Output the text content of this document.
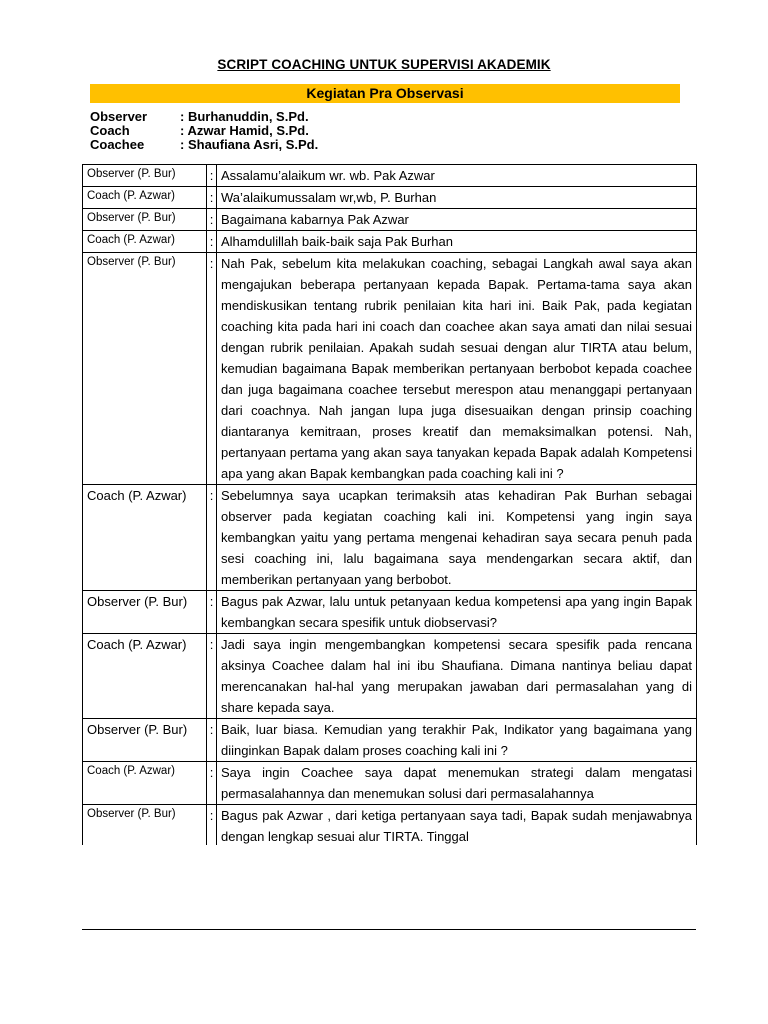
SCRIPT COACHING UNTUK SUPERVISI AKADEMIK
Kegiatan Pra Observasi
Observer	: Burhanuddin, S.Pd.
Coach	: Azwar Hamid, S.Pd.
Coachee	: Shaufiana Asri, S.Pd.
Observer (P. Bur)	:	Assalamu’alaikum wr. wb. Pak Azwar
Coach (P. Azwar)	:	Wa’alaikumussalam wr,wb, P. Burhan
Observer (P. Bur)	:	Bagaimana kabarnya Pak Azwar
Coach (P. Azwar)	:	Alhamdulillah baik-baik saja Pak Burhan
Observer (P. Bur)	:	Nah Pak, sebelum kita melakukan coaching, sebagai Langkah awal saya akan mengajukan beberapa pertanyaan kepada Bapak. Pertama-tama saya akan mendiskusikan tentang rubrik penilaian kita hari ini. Baik Pak, pada kegiatan coaching kita pada hari ini coach dan coachee akan saya amati dan nilai sesuai dengan rubrik penilaian. Apakah sudah sesuai dengan alur TIRTA atau belum, kemudian bagaimana Bapak memberikan pertanyaan berbobot kepada coachee dan juga bagaimana coachee tersebut merespon atau menanggapi pertanyaan dari coachnya. Nah jangan lupa juga disesuaikan dengan prinsip coaching diantaranya kemitraan, proses kreatif dan memaksimalkan potensi. Nah, pertanyaan pertama yang akan saya tanyakan kepada Bapak adalah Kompetensi apa yang akan Bapak kembangkan pada coaching kali ini ?
Coach (P. Azwar)	:	Sebelumnya saya ucapkan terimaksih atas kehadiran Pak Burhan sebagai observer pada kegiatan coaching kali ini. Kompetensi yang ingin saya kembangkan yaitu yang pertama mengenai kehadiran saya secara penuh pada sesi coaching ini, lalu bagaimana saya mendengarkan secara aktif, dan memberikan pertanyaan yang berbobot.
Observer (P. Bur)	:	Bagus pak Azwar, lalu untuk petanyaan kedua kompetensi apa yang ingin Bapak kembangkan secara spesifik untuk diobservasi?
Coach (P. Azwar)	:	Jadi saya ingin mengembangkan kompetensi secara spesifik pada rencana aksinya Coachee dalam hal ini ibu Shaufiana. Dimana nantinya beliau dapat merencanakan hal-hal yang merupakan jawaban dari permasalahan yang di share kepada saya.
Observer (P. Bur)	:	Baik, luar biasa. Kemudian yang terakhir Pak, Indikator yang bagaimana yang diinginkan Bapak dalam proses coaching kali ini ?
Coach (P. Azwar)	:	Saya ingin Coachee saya dapat menemukan strategi dalam mengatasi permasalahannya dan menemukan solusi dari permasalahannya
Observer (P. Bur)	:	Bagus pak Azwar , dari ketiga pertanyaan saya tadi, Bapak sudah menjawabnya dengan lengkap sesuai alur TIRTA. Tinggal
